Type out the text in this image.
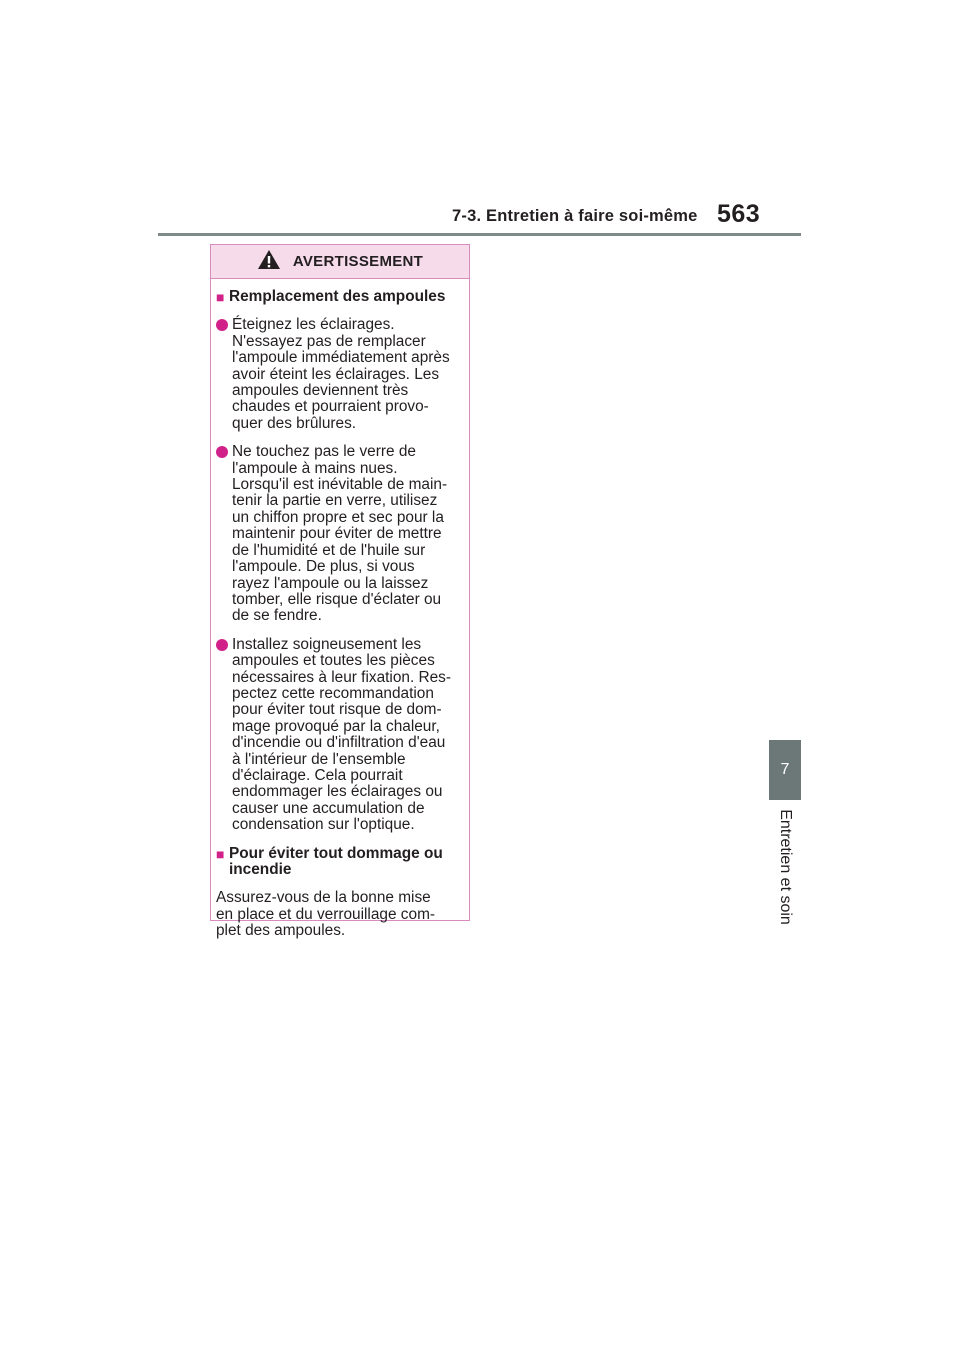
7-3. Entretien à faire soi-même 563
7
Entretien et soin
AVERTISSEMENT
■ Remplacement des ampoules
Éteignez les éclairages.
N'essayez pas de remplacer
l'ampoule immédiatement après
avoir éteint les éclairages. Les
ampoules deviennent très
chaudes et pourraient provo-
quer des brûlures.
Ne touchez pas le verre de
l'ampoule à mains nues.
Lorsqu'il est inévitable de main-
tenir la partie en verre, utilisez
un chiffon propre et sec pour la
maintenir pour éviter de mettre
de l'humidité et de l'huile sur
l'ampoule. De plus, si vous
rayez l'ampoule ou la laissez
tomber, elle risque d'éclater ou
de se fendre.
Installez soigneusement les
ampoules et toutes les pièces
nécessaires à leur fixation. Res-
pectez cette recommandation
pour éviter tout risque de dom-
mage provoqué par la chaleur,
d'incendie ou d'infiltration d'eau
à l'intérieur de l'ensemble
d'éclairage. Cela pourrait
endommager les éclairages ou
causer une accumulation de
condensation sur l'optique.
■ Pour éviter tout dommage ou
incendie
Assurez-vous de la bonne mise
en place et du verrouillage com-
plet des ampoules.
